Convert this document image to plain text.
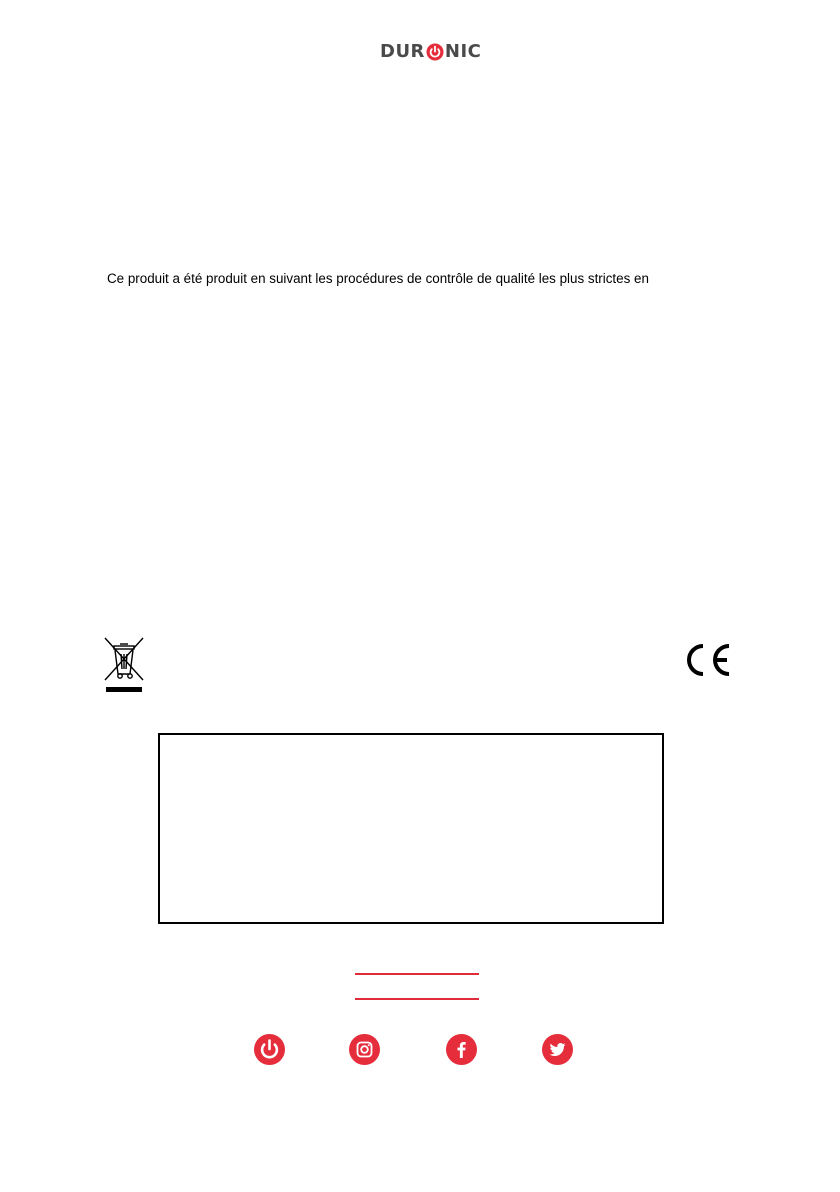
DUR NIC
Ce produit a été produit en suivant les procédures de contrôle de qualité les plus strictes en
